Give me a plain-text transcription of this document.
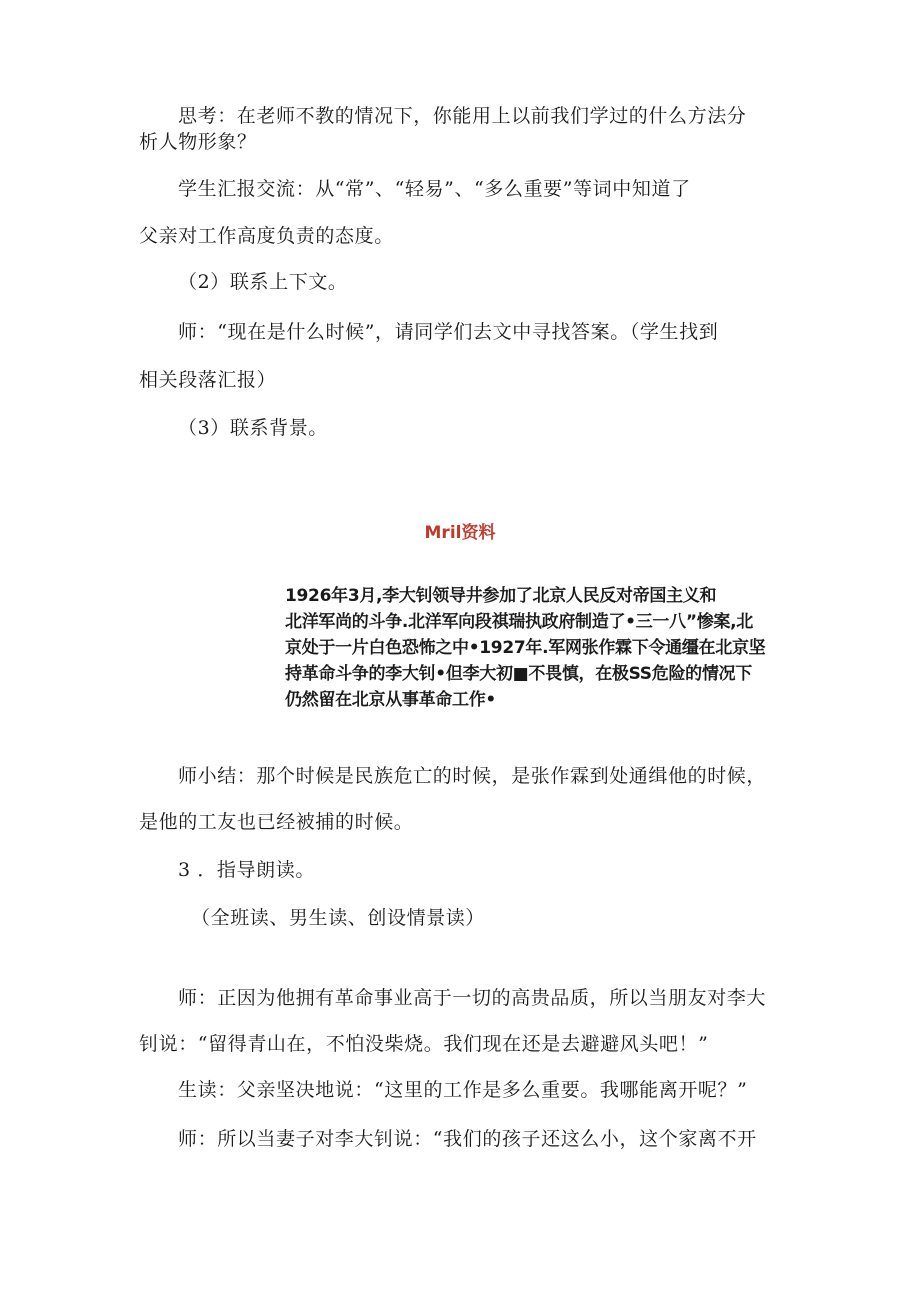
思考：在老师不教的情况下，你能用上以前我们学过的什么方法分
析人物形象？
学生汇报交流：从“常”、“轻易”、“多么重要”等词中知道了
父亲对工作高度负责的态度。
（2）联系上下文。
师：“现在是什么时候”，请同学们去文中寻找答案。（学生找到
相关段落汇报）
（3）联系背景。
Mril资料
1926年3月,李大钊领导井参加了北京人民反对帝国主义和
北洋军尚的斗争.北洋军向段祺瑞执政府制造了•三一八”惨案,北
京处于一片白色恐怖之中•1927年.军网张作霖下令通缰在北京坚
持革命斗争的李大钊•但李大初■不畏慎，在极SS危险的情况下
仍然留在北京从事革命工作•
师小结：那个时候是民族危亡的时候，是张作霖到处通缉他的时候，
是他的工友也已经被捕的时候。
3 ．指导朗读。
（全班读、男生读、创设情景读）
师：正因为他拥有革命事业高于一切的高贵品质，所以当朋友对李大
钊说：“留得青山在，不怕没柴烧。我们现在还是去避避风头吧！”
生读：父亲坚决地说：“这里的工作是多么重要。我哪能离开呢？”
师：所以当妻子对李大钊说：“我们的孩子还这么小，这个家离不开
